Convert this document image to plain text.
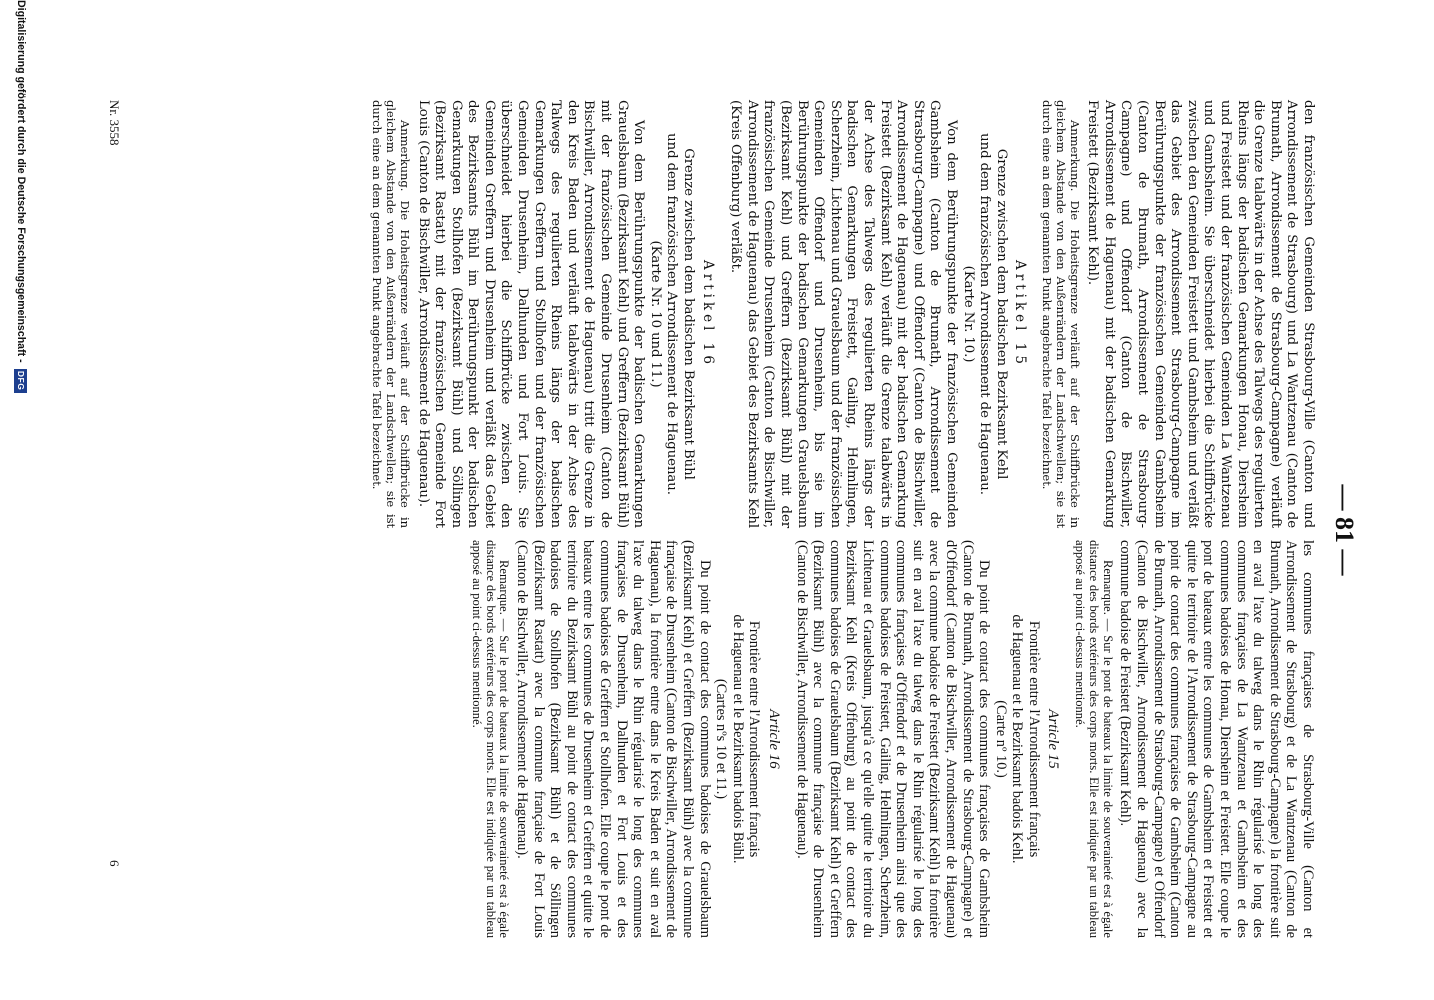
— 81 —

den französischen Gemeinden Strasbourg-Ville (Canton und Arrondissement de Strasbourg) und La Wantzenau (Canton de Brumath, Arrondissement de Strasbourg-Campagne) verläuft die Grenze talabwärts in der Achse des Talwegs des regulierten Rheins längs der badischen Gemarkungen Honau, Diersheim und Freistett und der französischen Gemeinden La Wantzenau und Gambsheim. Sie überschneidet hierbei die Schiffbrücke zwischen den Gemeinden Freistett und Gambsheim und verläßt das Gebiet des Arrondissement Strasbourg-Campagne im Berührungspunkte der französischen Gemeinden Gambsheim (Canton de Brumath, Arrondissement de Strasbourg-Campagne) und Offendorf (Canton de Bischwiller, Arrondissement de Haguenau) mit der badischen Gemarkung Freistett (Bezirksamt Kehl).

Anmerkung. Die Hoheitsgrenze verläuft auf der Schiffbrücke in gleichem Abstande von den Außenrändern der Landschwellen; sie ist durch eine an dem genannten Punkt angebrachte Tafel bezeichnet.

Artikel 15

Grenze zwischen dem badischen Bezirksamt Kehl

und dem französischen Arrondissement de Haguenau.

(Karte Nr. 10.)

Von dem Berührungspunkte der französischen Gemeinden Gambsheim (Canton de Brumath, Arrondissement de Strasbourg-Campagne) und Offendorf (Canton de Bischwiller, Arrondissement de Haguenau) mit der badischen Gemarkung Freistett (Bezirksamt Kehl) verläuft die Grenze talabwärts in der Achse des Talwegs des regulierten Rheins längs der badischen Gemarkungen Freistett, Gailing, Helmlingen, Scherzheim, Lichtenau und Grauelsbaum und der französischen Gemeinden Offendorf und Drusenheim, bis sie im Berührungspunkte der badischen Gemarkungen Grauelsbaum (Bezirksamt Kehl) und Greffern (Bezirksamt Bühl) mit der französischen Gemeinde Drusenheim (Canton de Bischwiller, Arrondissement de Haguenau) das Gebiet des Bezirksamts Kehl (Kreis Offenburg) verläßt.

Artikel 16

Grenze zwischen dem badischen Bezirksamt Bühl

und dem französischen Arrondissement de Haguenau.

(Karte Nr. 10 und 11.)

Von dem Berührungspunkte der badischen Gemarkungen Grauelsbaum (Bezirksamt Kehl) und Greffern (Bezirksamt Bühl) mit der französischen Gemeinde Drusenheim (Canton de Bischwiller, Arrondissement de Haguenau) tritt die Grenze in den Kreis Baden und verläuft talabwärts in der Achse des Talwegs des regulierten Rheins längs der badischen Gemarkungen Greffern und Stollhofen und der französischen Gemeinden Drusenheim, Dalhunden und Fort Louis. Sie überschneidet hierbei die Schiffbrücke zwischen den Gemeinden Greffern und Drusenheim und verläßt das Gebiet des Bezirksamts Bühl im Berührungspunkt der badischen Gemarkungen Stollhofen (Bezirksamt Bühl) und Söllingen (Bezirksamt Rastatt) mit der französischen Gemeinde Fort Louis (Canton de Bischwiller, Arrondissement de Haguenau).

Anmerkung. Die Hoheitsgrenze verläuft auf der Schiffbrücke in gleichem Abstande von den Außenrändern der Landschwellen; sie ist durch eine an dem genannten Punkt angebrachte Tafel bezeichnet.

les communes françaises de Strasbourg-Ville (Canton et Arrondissement de Strasbourg) et de La Wantzenau (Canton de Brumath, Arrondissement de Strasbourg-Campagne) la frontière suit en aval l'axe du talweg dans le Rhin régularisé le long des communes françaises de La Wantzenau et Gambsheim et des communes badoises de Honau, Diersheim et Freistett. Elle coupe le pont de bateaux entre les communes de Gambsheim et Freistett et quitte le territoire de l'Arrondissement de Strasbourg-Campagne au point de contact des communes françaises de Gambsheim (Canton de Brumath, Arrondissement de Strasbourg-Campagne) et Offendorf (Canton de Bischwiller, Arrondissement de Haguenau) avec la commune badoise de Freistett (Bezirksamt Kehl).

Remarque. — Sur le pont de bateaux la limite de souveraineté est à égale distance des bords extérieurs des corps morts. Elle est indiquée par un tableau apposé au point ci-dessus mentionné.

Article 15

Frontière entre l'Arrondissement français

de Haguenau et le Bezirksamt badois Kehl.

(Carte nº 10.)

Du point de contact des communes françaises de Gambsheim (Canton de Brumath, Arrondissement de Strasbourg-Campagne) et d'Offendorf (Canton de Bischwiller, Arrondissement de Haguenau) avec la commune badoise de Freistett (Bezirksamt Kehl) la frontière suit en aval l'axe du talweg dans le Rhin régularisé le long des communes françaises d'Offendorf et de Drusenheim ainsi que des communes badoises de Freistett, Gailing, Helmlingen, Scherzheim, Lichtenau et Grauelsbaum, jusqu'à ce qu'elle quitte le territoire du Bezirksamt Kehl (Kreis Offenburg) au point de contact des communes badoises de Grauelsbaum (Bezirksamt Kehl) et Greffern (Bezirksamt Bühl) avec la commune française de Drusenheim (Canton de Bischwiller, Arrondissement de Haguenau).

Article 16

Frontière entre l'Arrondissement français

de Haguenau et le Bezirksamt badois Bühl.

(Cartes nºs 10 et 11.)

Du point de contact des communes badoises de Grauelsbaum (Bezirksamt Kehl) et Greffern (Bezirksamt Bühl) avec la commune française de Drusenheim (Canton de Bischwiller, Arrondissement de Haguenau), la frontière entre dans le Kreis Baden et suit en aval l'axe du talweg dans le Rhin régularisé le long des communes françaises de Drusenheim, Dalhunden et Fort Louis et des communes badoises de Greffern et Stollhofen. Elle coupe le pont de bateaux entre les communes de Drusenheim et Greffern et quitte le territoire du Bezirksamt Bühl au point de contact des communes badoises de Stollhofen (Bezirksamt Bühl) et de Söllingen (Bezirksamt Rastatt) avec la commune française de Fort Louis (Canton de Bischwiller, Arrondissement de Haguenau).

Remarque. — Sur le pont de bateaux la limite de souveraineté est à égale distance des bords extérieurs des corps morts. Elle est indiquée par un tableau apposé au point ci-dessus mentionné.

Nr. 3558
6
Digitalisierung gefördert durch die Deutsche Forschungsgemeinschaft -
DFG
